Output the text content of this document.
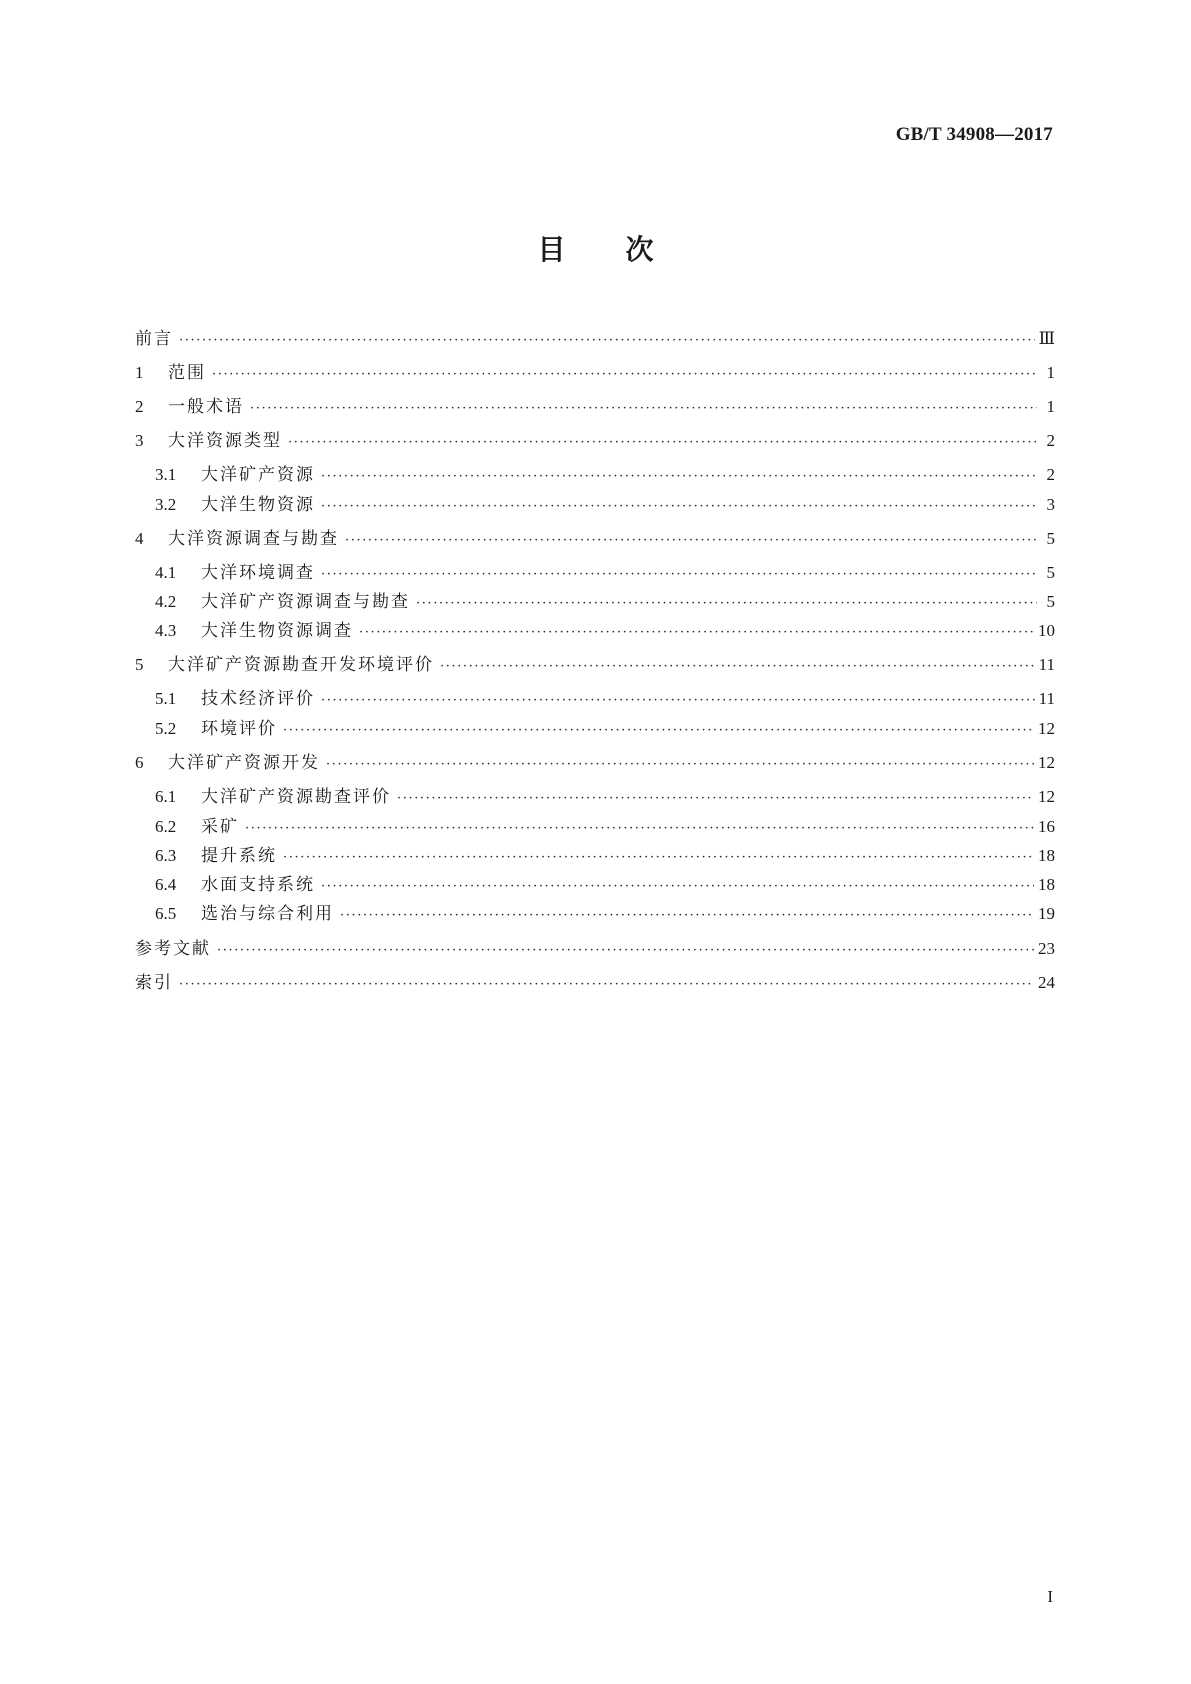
GB/T 34908—2017
目次
前言 ·····	Ⅲ
1	范围 ·····	1
2	一般术语 ·····	1
3	大洋资源类型 ·····	2
3.1	大洋矿产资源 ·····	2
3.2	大洋生物资源 ·····	3
4	大洋资源调查与勘查 ·····	5
4.1	大洋环境调查 ·····	5
4.2	大洋矿产资源调查与勘查 ·····	5
4.3	大洋生物资源调查 ·····	10
5	大洋矿产资源勘查开发环境评价 ·····	11
5.1	技术经济评价 ·····	11
5.2	环境评价 ·····	12
6	大洋矿产资源开发 ·····	12
6.1	大洋矿产资源勘查评价 ·····	12
6.2	采矿 ·····	16
6.3	提升系统 ·····	18
6.4	水面支持系统 ·····	18
6.5	选治与综合利用 ·····	19
参考文献 ·····	23
索引 ·····	24
I
